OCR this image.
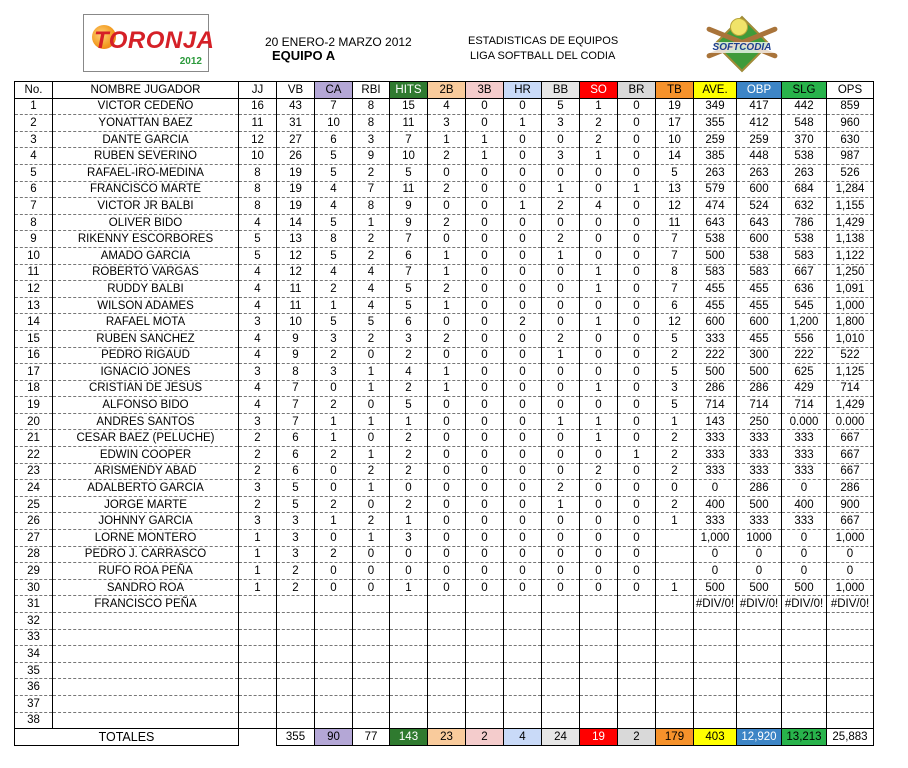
TORONJA
2012
20 ENERO-2 MARZO 2012
EQUIPO A
ESTADISTICAS DE EQUIPOS
LIGA SOFTBALL DEL CODIA
SOFTCODIA
No.	NOMBRE JUGADOR	JJ	VB	CA	RBI	HITS	2B	3B	HR	BB	SO	BR	TB	AVE.	OBP	SLG	OPS
1	VICTOR CEDEÑO	16	43	7	8	15	4	0	0	5	1	0	19	349	417	442	859
2	YONATTAN BAEZ	11	31	10	8	11	3	0	1	3	2	0	17	355	412	548	960
3	DANTE GARCIA	12	27	6	3	7	1	1	0	0	2	0	10	259	259	370	630
4	RUBEN SEVERINO	10	26	5	9	10	2	1	0	3	1	0	14	385	448	538	987
5	RAFAEL-IRO-MEDINA	8	19	5	2	5	0	0	0	0	0	0	5	263	263	263	526
6	FRANCISCO MARTE	8	19	4	7	11	2	0	0	1	0	1	13	579	600	684	1,284
7	VICTOR JR BALBI	8	19	4	8	9	0	0	1	2	4	0	12	474	524	632	1,155
8	OLIVER BIDO	4	14	5	1	9	2	0	0	0	0	0	11	643	643	786	1,429
9	RIKENNY ESCORBORES	5	13	8	2	7	0	0	0	2	0	0	7	538	600	538	1,138
10	AMADO GARCIA	5	12	5	2	6	1	0	0	1	0	0	7	500	538	583	1,122
11	ROBERTO VARGAS	4	12	4	4	7	1	0	0	0	1	0	8	583	583	667	1,250
12	RUDDY BALBI	4	11	2	4	5	2	0	0	0	1	0	7	455	455	636	1,091
13	WILSON ADAMES	4	11	1	4	5	1	0	0	0	0	0	6	455	455	545	1,000
14	RAFAEL MOTA	3	10	5	5	6	0	0	2	0	1	0	12	600	600	1,200	1,800
15	RUBEN SANCHEZ	4	9	3	2	3	2	0	0	2	0	0	5	333	455	556	1,010
16	PEDRO RIGAUD	4	9	2	0	2	0	0	0	1	0	0	2	222	300	222	522
17	IGNACIO JONES	3	8	3	1	4	1	0	0	0	0	0	5	500	500	625	1,125
18	CRISTIAN DE JESUS	4	7	0	1	2	1	0	0	0	1	0	3	286	286	429	714
19	ALFONSO BIDO	4	7	2	0	5	0	0	0	0	0	0	5	714	714	714	1,429
20	ANDRES SANTOS	3	7	1	1	1	0	0	0	1	1	0	1	143	250	0.000	0.000
21	CESAR BAEZ (PELUCHE)	2	6	1	0	2	0	0	0	0	1	0	2	333	333	333	667
22	EDWIN COOPER	2	6	2	1	2	0	0	0	0	0	1	2	333	333	333	667
23	ARISMENDY ABAD	2	6	0	2	2	0	0	0	0	2	0	2	333	333	333	667
24	ADALBERTO GARCIA	3	5	0	1	0	0	0	0	2	0	0	0	0	286	0	286
25	JORGE MARTE	2	5	2	0	2	0	0	0	1	0	0	2	400	500	400	900
26	JOHNNY GARCIA	3	3	1	2	1	0	0	0	0	0	0	1	333	333	333	667
27	LORNE MONTERO	1	3	0	1	3	0	0	0	0	0	0		1,000	1000	0	1,000
28	PEDRO J. CARRASCO	1	3	2	0	0	0	0	0	0	0	0		0	0	0	0
29	RUFO ROA PEÑA	1	2	0	0	0	0	0	0	0	0	0		0	0	0	0
30	SANDRO ROA	1	2	0	0	1	0	0	0	0	0	0	1	500	500	500	1,000
31	FRANCISCO PEÑA													#DIV/0!	#DIV/0!	#DIV/0!	#DIV/0!
32																	
33																	
34																	
35																	
36																	
37																	
38																	
TOTALES			355	90	77	143	23	2	4	24	19	2	179	403	12,920	13,213	25,883
